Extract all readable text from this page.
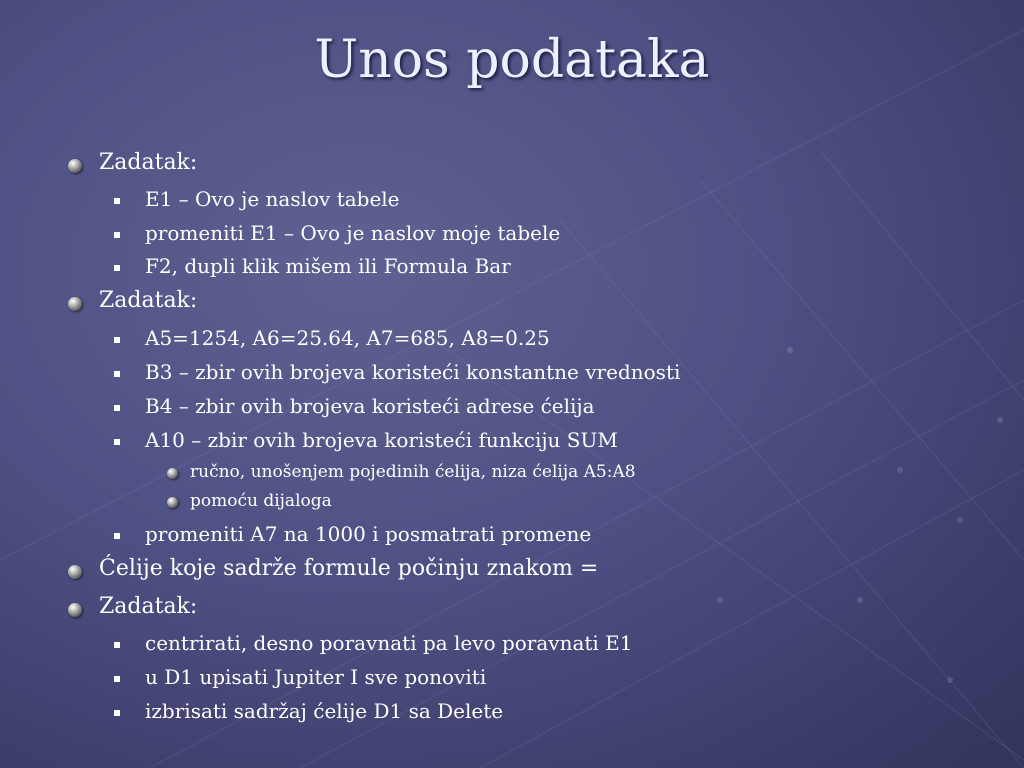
Unos podataka
Zadatak:
E1 – Ovo je naslov tabele
promeniti E1 – Ovo je naslov moje tabele
F2, dupli klik mišem ili Formula Bar
Zadatak:
A5=1254, A6=25.64, A7=685, A8=0.25
B3 – zbir ovih brojeva koristeći konstantne vrednosti
B4 – zbir ovih brojeva koristeći adrese ćelija
A10 – zbir ovih brojeva koristeći funkciju SUM
ručno, unošenjem pojedinih ćelija, niza ćelija A5:A8
pomoću dijaloga
promeniti A7 na 1000 i posmatrati promene
Ćelije koje sadrže formule počinju znakom =
Zadatak:
centrirati, desno poravnati pa levo poravnati E1
u D1 upisati Jupiter I sve ponoviti
izbrisati sadržaj ćelije D1 sa Delete
